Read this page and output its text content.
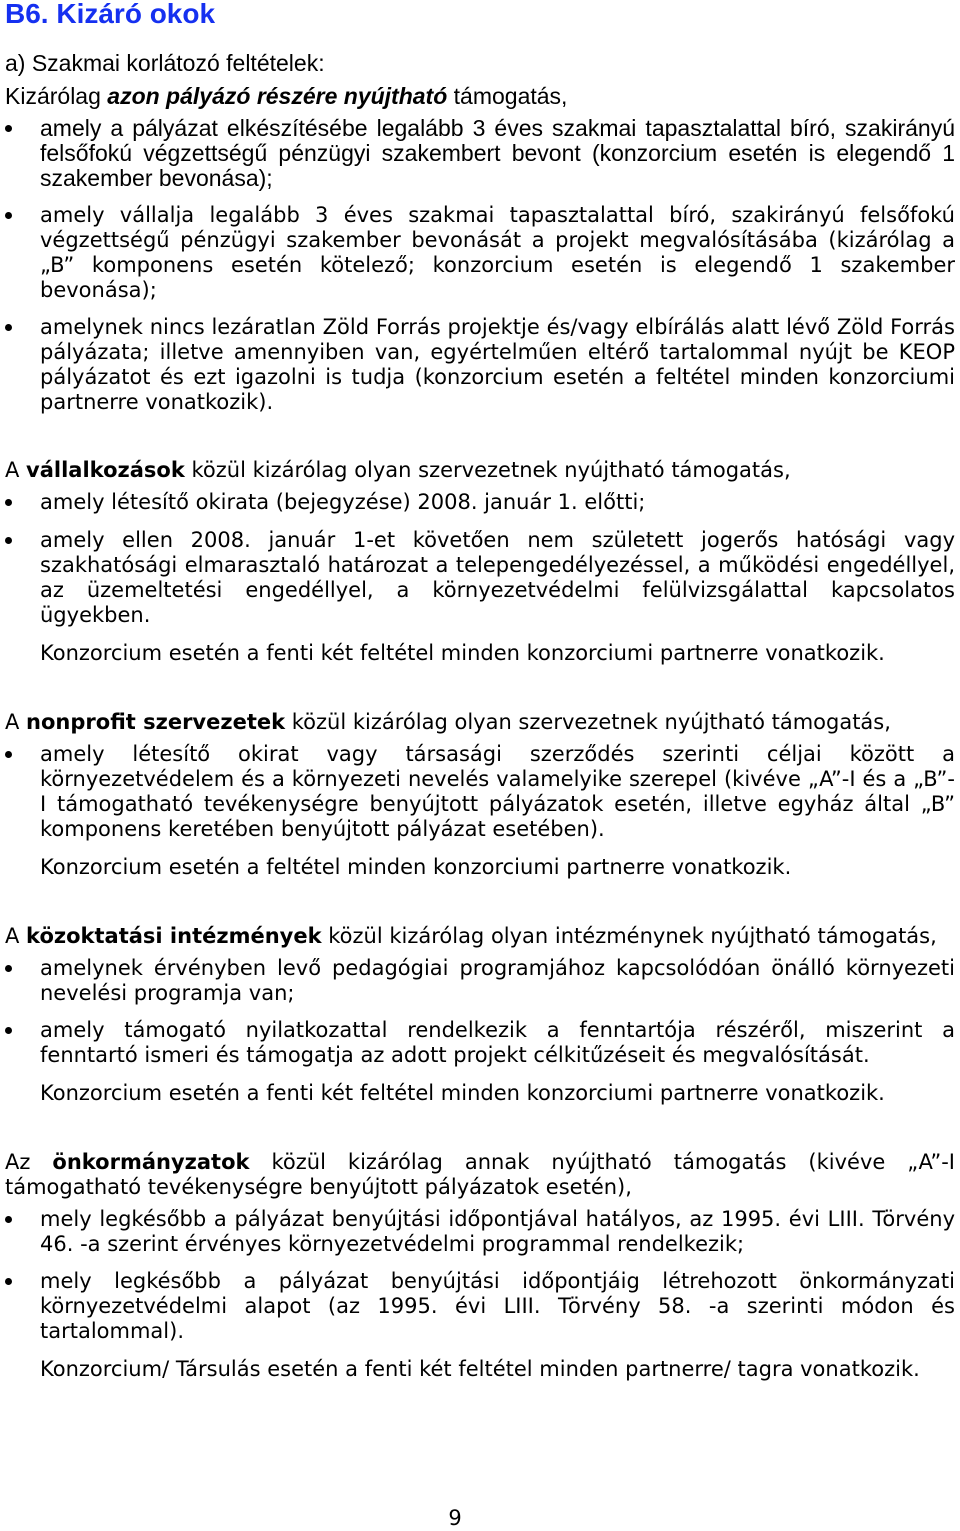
B6. Kizáró okok

a) Szakmai korlátozó feltételek:

Kizárólag azon pályázó részére nyújtható támogatás,

amely a pályázat elkészítésébe legalább 3 éves szakmai tapasztalattal bíró, szakirányú felsőfokú végzettségű pénzügyi szakembert bevont (konzorcium esetén is elegendő 1 szakember bevonása);
amely vállalja legalább 3 éves szakmai tapasztalattal bíró, szakirányú felsőfokú végzettségű pénzügyi szakember bevonását a projekt megvalósításába (kizárólag a „B” komponens esetén kötelező; konzorcium esetén is elegendő 1 szakember bevonása);
amelynek nincs lezáratlan Zöld Forrás projektje és/vagy elbírálás alatt lévő Zöld Forrás pályázata; illetve amennyiben van, egyértelműen eltérő tartalommal nyújt be KEOP pályázatot és ezt igazolni is tudja (konzorcium esetén a feltétel minden konzorciumi partnerre vonatkozik).

A vállalkozások közül kizárólag olyan szervezetnek nyújtható támogatás,

amely létesítő okirata (bejegyzése) 2008. január 1. előtti;
amely ellen 2008. január 1-et követően nem született jogerős hatósági vagy szakhatósági elmarasztaló határozat a telepengedélyezéssel, a működési engedéllyel, az üzemeltetési engedéllyel, a környezetvédelmi felülvizsgálattal kapcsolatos ügyekben.

Konzorcium esetén a fenti két feltétel minden konzorciumi partnerre vonatkozik.

A nonprofit szervezetek közül kizárólag olyan szervezetnek nyújtható támogatás,

amely létesítő okirat vagy társasági szerződés szerinti céljai között a környezetvédelem és a környezeti nevelés valamelyike szerepel (kivéve „A”-I és a „B”-I támogatható tevékenységre benyújtott pályázatok esetén, illetve egyház által „B” komponens keretében benyújtott pályázat esetében).

Konzorcium esetén a feltétel minden konzorciumi partnerre vonatkozik.

A közoktatási intézmények közül kizárólag olyan intézménynek nyújtható támogatás,

amelynek érvényben levő pedagógiai programjához kapcsolódóan önálló környezeti nevelési programja van;
amely támogató nyilatkozattal rendelkezik a fenntartója részéről, miszerint a fenntartó ismeri és támogatja az adott projekt célkitűzéseit és megvalósítását.

Konzorcium esetén a fenti két feltétel minden konzorciumi partnerre vonatkozik.

Az önkormányzatok közül kizárólag annak nyújtható támogatás (kivéve „A”-I támogatható tevékenységre benyújtott pályázatok esetén),

mely legkésőbb a pályázat benyújtási időpontjával hatályos, az 1995. évi LIII. Törvény 46. -a szerint érvényes környezetvédelmi programmal rendelkezik;
mely legkésőbb a pályázat benyújtási időpontjáig létrehozott önkormányzati környezetvédelmi alapot (az 1995. évi LIII. Törvény 58. -a szerinti módon és tartalommal).

Konzorcium/ Társulás esetén a fenti két feltétel minden partnerre/ tagra vonatkozik.

9
